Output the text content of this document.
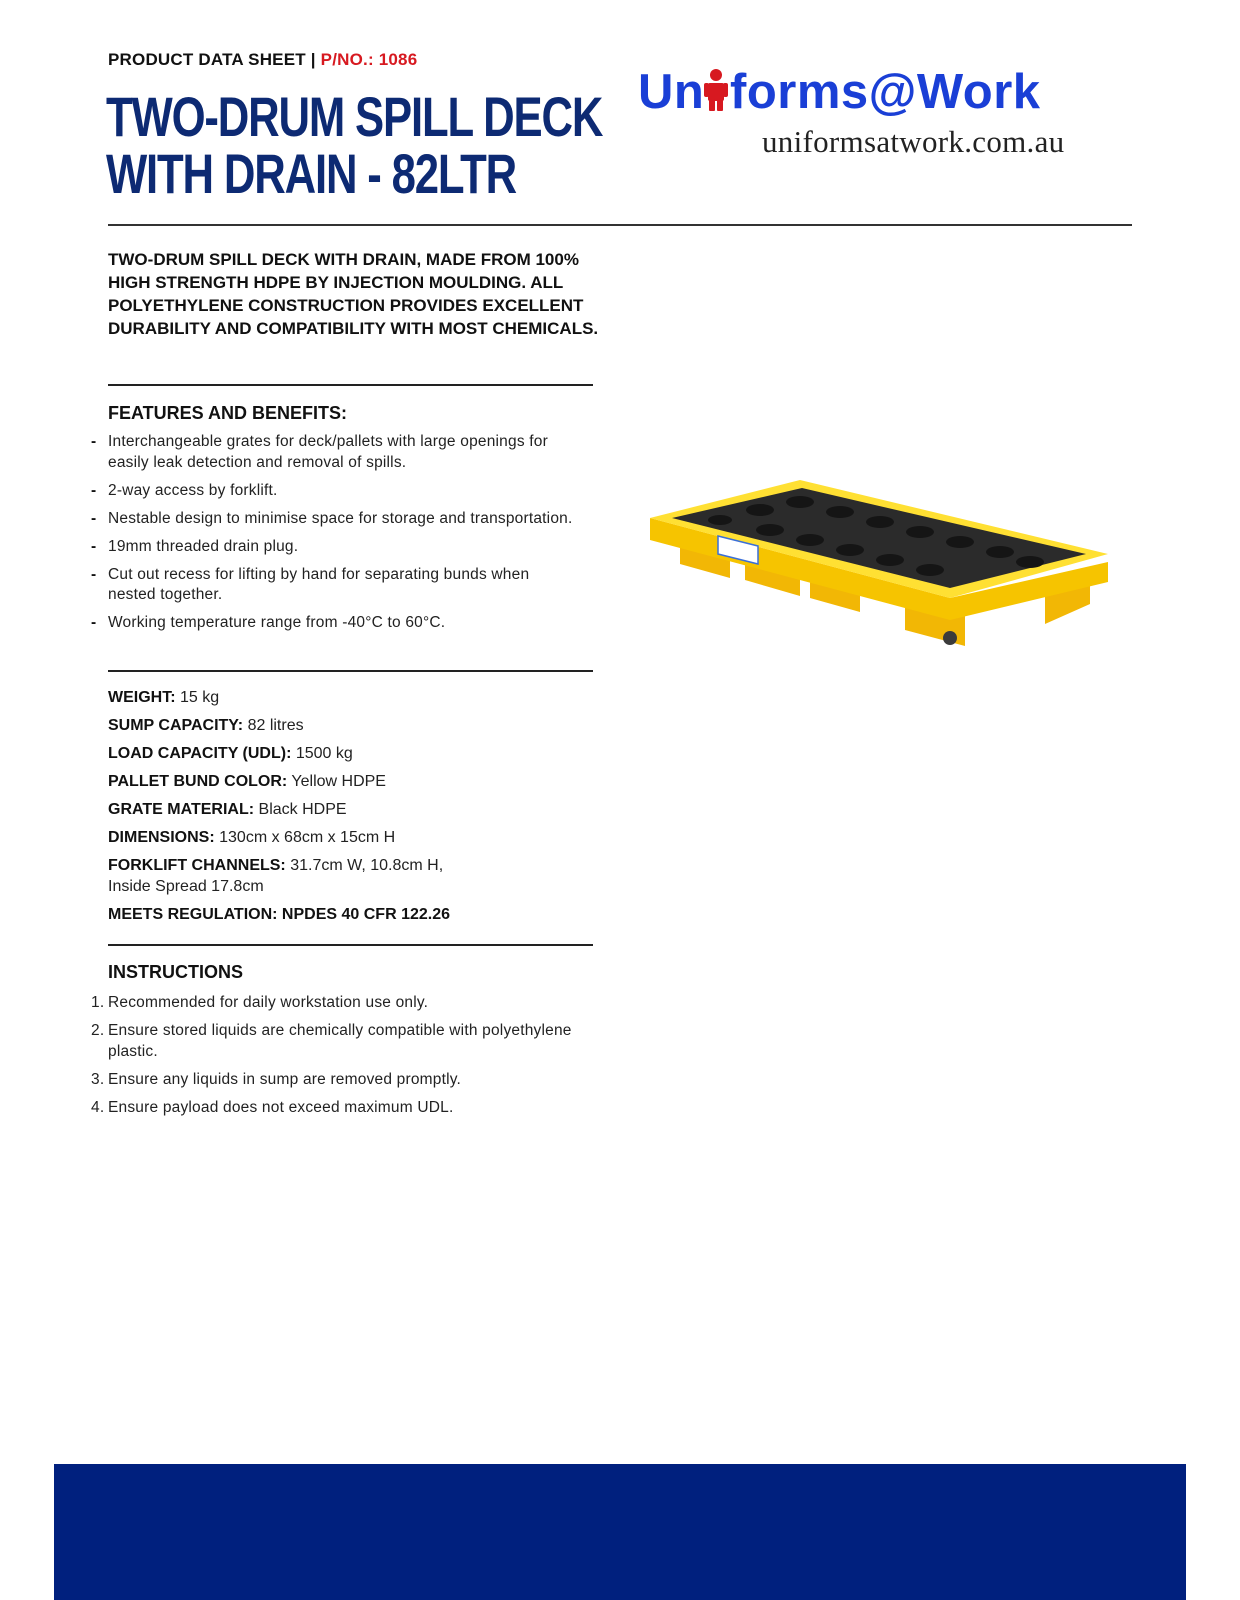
PRODUCT DATA SHEET | P/NO.: 1086
TWO-DRUM SPILL DECK
WITH DRAIN - 82LTR
Un forms@Work
uniformsatwork.com.au
TWO-DRUM SPILL DECK WITH DRAIN, MADE FROM 100% HIGH STRENGTH HDPE BY INJECTION MOULDING. ALL POLYETHYLENE CONSTRUCTION PROVIDES EXCELLENT DURABILITY AND COMPATIBILITY WITH MOST CHEMICALS.
FEATURES AND BENEFITS:
- Interchangeable grates for deck/pallets with large openings for easily leak detection and removal of spills.
- 2-way access by forklift.
- Nestable design to minimise space for storage and transportation.
- 19mm threaded drain plug.
- Cut out recess for lifting by hand for separating bunds when nested together.
- Working temperature range from -40°C to 60°C.
WEIGHT: 15 kg
SUMP CAPACITY: 82 litres
LOAD CAPACITY (UDL): 1500 kg
PALLET BUND COLOR: Yellow HDPE
GRATE MATERIAL: Black HDPE
DIMENSIONS: 130cm x 68cm x 15cm H
FORKLIFT CHANNELS: 31.7cm W, 10.8cm H, Inside Spread 17.8cm
MEETS REGULATION: NPDES 40 CFR 122.26
INSTRUCTIONS
1. Recommended for daily workstation use only.
2. Ensure stored liquids are chemically compatible with polyethylene plastic.
3. Ensure any liquids in sump are removed promptly.
4. Ensure payload does not exceed maximum UDL.
